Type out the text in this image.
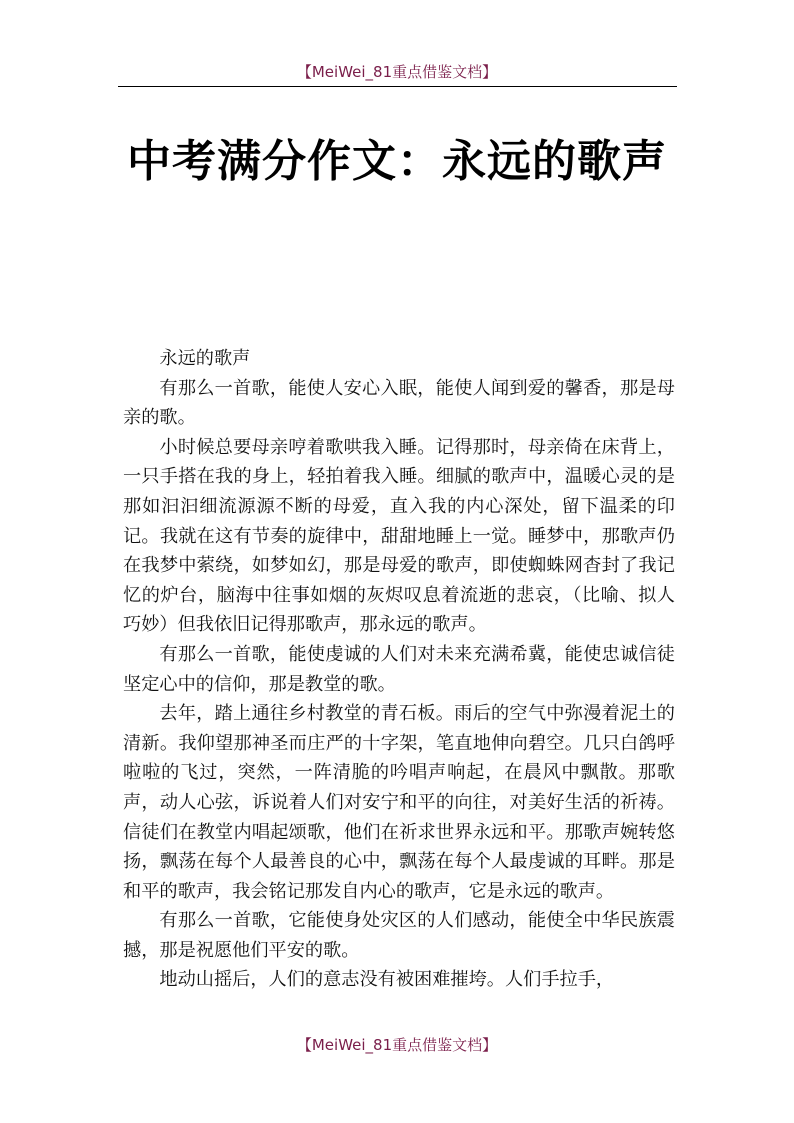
【MeiWei_81重点借鉴文档】
中考满分作文：永远的歌声

永远的歌声

有那么一首歌，能使人安心入眠，能使人闻到爱的馨香，那是母亲的歌。

小时候总要母亲哼着歌哄我入睡。记得那时，母亲倚在床背上，一只手搭在我的身上，轻拍着我入睡。细腻的歌声中，温暖心灵的是那如汩汩细流源源不断的母爱，直入我的内心深处，留下温柔的印记。我就在这有节奏的旋律中，甜甜地睡上一觉。睡梦中，那歌声仍在我梦中萦绕，如梦如幻，那是母爱的歌声，即使蜘蛛网杳封了我记忆的炉台，脑海中往事如烟的灰烬叹息着流逝的悲哀，（比喻、拟人巧妙）但我依旧记得那歌声，那永远的歌声。

有那么一首歌，能使虔诚的人们对未来充满希冀，能使忠诚信徒坚定心中的信仰，那是教堂的歌。

去年，踏上通往乡村教堂的青石板。雨后的空气中弥漫着泥土的清新。我仰望那神圣而庄严的十字架，笔直地伸向碧空。几只白鸽呼啦啦的飞过，突然，一阵清脆的吟唱声响起，在晨风中飘散。那歌声，动人心弦，诉说着人们对安宁和平的向往，对美好生活的祈祷。信徒们在教堂内唱起颂歌，他们在祈求世界永远和平。那歌声婉转悠扬，飘荡在每个人最善良的心中，飘荡在每个人最虔诚的耳畔。那是和平的歌声，我会铭记那发自内心的歌声，它是永远的歌声。

有那么一首歌，它能使身处灾区的人们感动，能使全中华民族震撼，那是祝愿他们平安的歌。

地动山摇后，人们的意志没有被困难摧垮。人们手拉手，

【MeiWei_81重点借鉴文档】
